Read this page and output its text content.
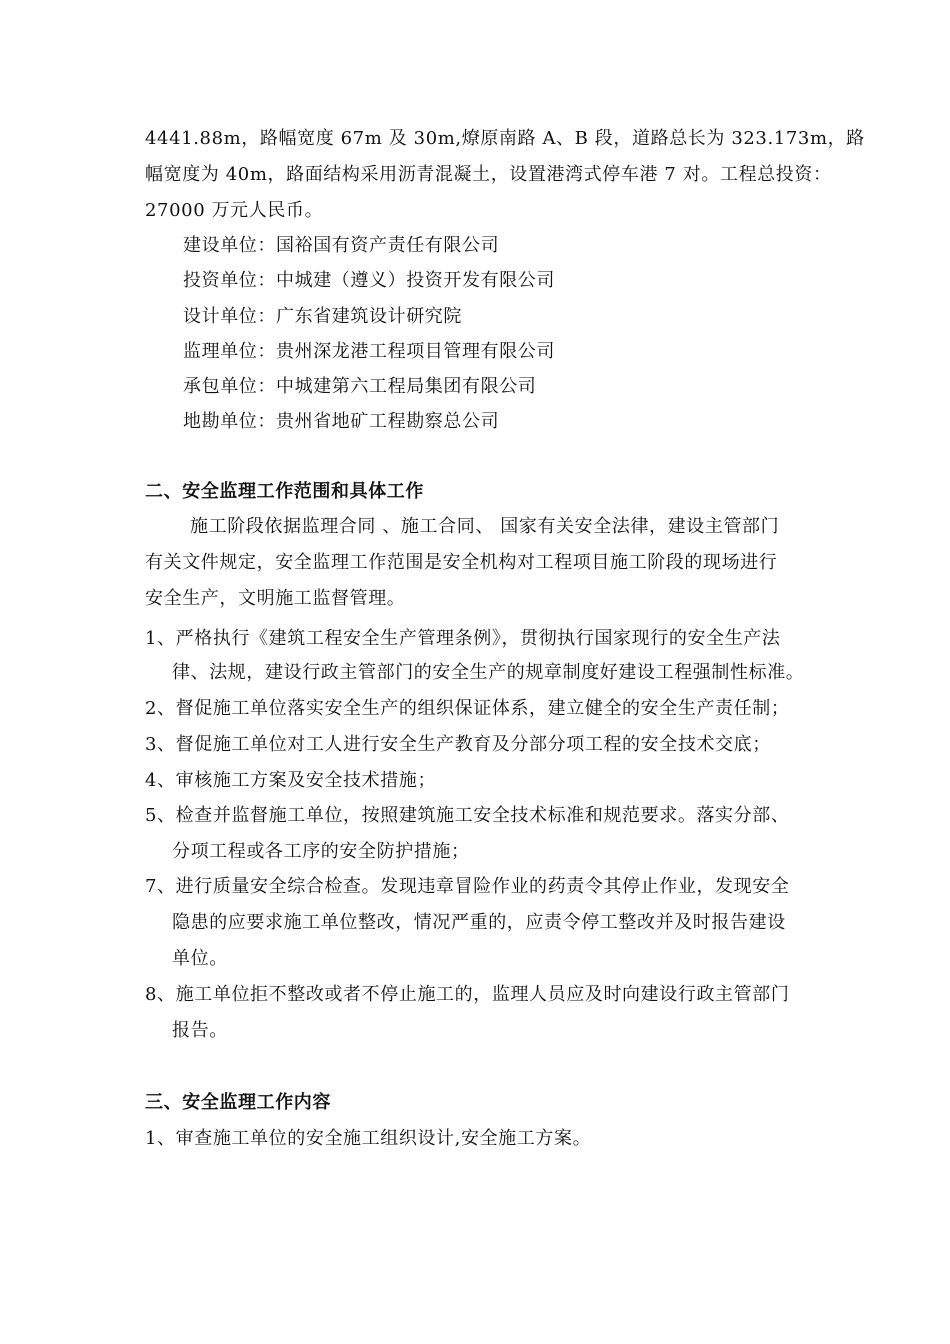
4441.88m，路幅宽度 67m 及 30m,燎原南路 A、B 段，道路总长为 323.173m，路
幅宽度为 40m，路面结构采用沥青混凝土，设置港湾式停车港 7 对。工程总投资：
27000 万元人民币。
建设单位：国裕国有资产责任有限公司
投资单位：中城建（遵义）投资开发有限公司
设计单位：广东省建筑设计研究院
监理单位：贵州深龙港工程项目管理有限公司
承包单位：中城建第六工程局集团有限公司
地勘单位：贵州省地矿工程勘察总公司
二、安全监理工作范围和具体工作
施工阶段依据监理合同 、施工合同、 国家有关安全法律，建设主管部门
有关文件规定，安全监理工作范围是安全机构对工程项目施工阶段的现场进行
安全生产，文明施工监督管理。
1、严格执行《建筑工程安全生产管理条例》，贯彻执行国家现行的安全生产法
律、法规，建设行政主管部门的安全生产的规章制度好建设工程强制性标准。
2、督促施工单位落实安全生产的组织保证体系，建立健全的安全生产责任制；
3、督促施工单位对工人进行安全生产教育及分部分项工程的安全技术交底；
4、审核施工方案及安全技术措施；
5、检查并监督施工单位，按照建筑施工安全技术标准和规范要求。落实分部、
分项工程或各工序的安全防护措施；
7、进行质量安全综合检查。发现违章冒险作业的药责令其停止作业，发现安全
隐患的应要求施工单位整改，情况严重的，应责令停工整改并及时报告建设
单位。
8、施工单位拒不整改或者不停止施工的，监理人员应及时向建设行政主管部门
报告。
三、安全监理工作内容
1、审查施工单位的安全施工组织设计,安全施工方案。
